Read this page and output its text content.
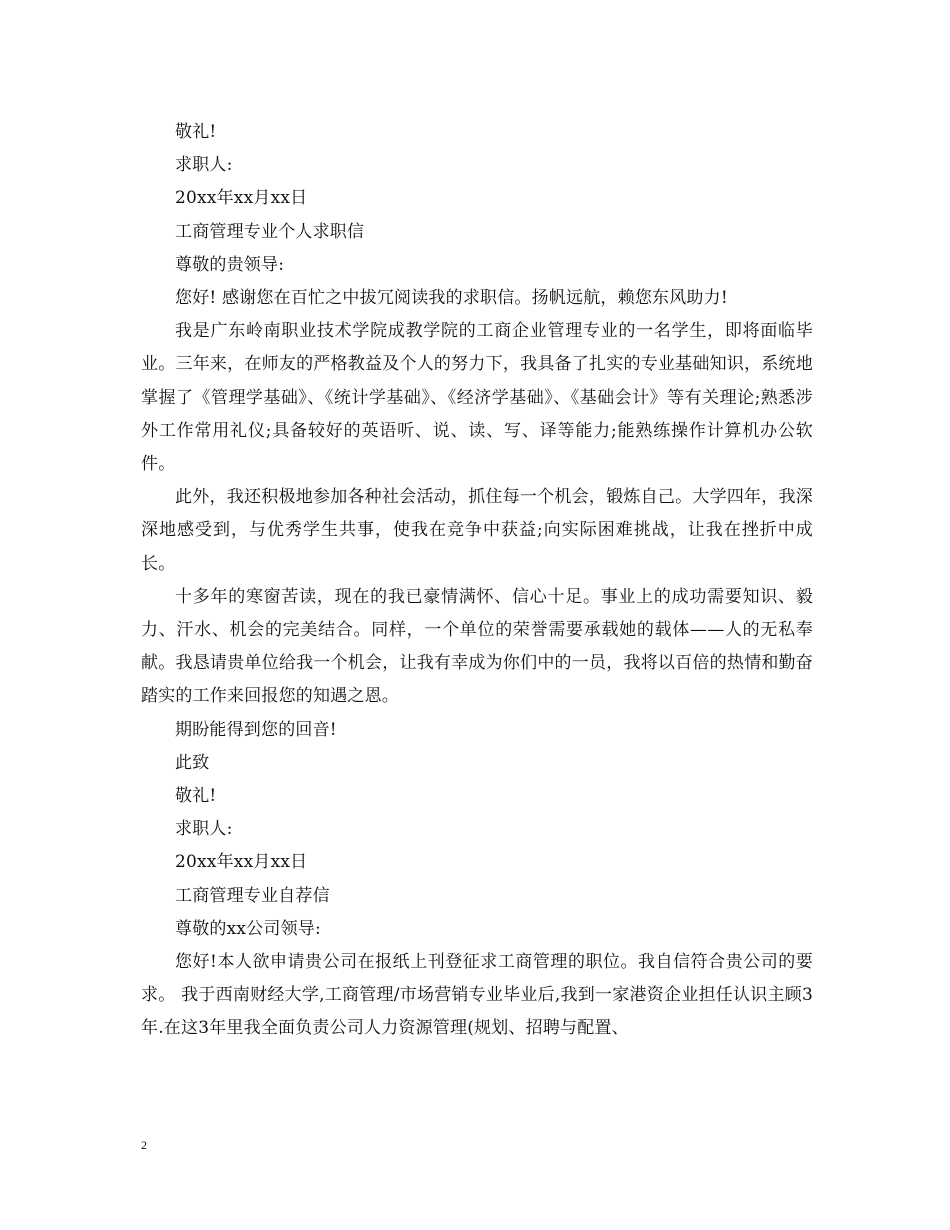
敬礼!

求职人:

20xx年xx月xx日

工商管理专业个人求职信

尊敬的贵领导:

您好! 感谢您在百忙之中拔冗阅读我的求职信。扬帆远航，赖您东风助力!

我是广东岭南职业技术学院成教学院的工商企业管理专业的一名学生，即将面临毕业。三年来，在师友的严格教益及个人的努力下，我具备了扎实的专业基础知识，系统地掌握了《管理学基础》、《统计学基础》、《经济学基础》、《基础会计》等有关理论;熟悉涉外工作常用礼仪;具备较好的英语听、说、读、写、译等能力;能熟练操作计算机办公软件。

此外，我还积极地参加各种社会活动，抓住每一个机会，锻炼自己。大学四年，我深深地感受到，与优秀学生共事，使我在竞争中获益;向实际困难挑战，让我在挫折中成长。

十多年的寒窗苦读，现在的我已豪情满怀、信心十足。事业上的成功需要知识、毅力、汗水、机会的完美结合。同样，一个单位的荣誉需要承载她的载体——人的无私奉献。我恳请贵单位给我一个机会，让我有幸成为你们中的一员，我将以百倍的热情和勤奋踏实的工作来回报您的知遇之恩。

期盼能得到您的回音!

此致

敬礼!

求职人:

20xx年xx月xx日

工商管理专业自荐信

尊敬的xx公司领导:

您好!本人欲申请贵公司在报纸上刊登征求工商管理的职位。我自信符合贵公司的要求。 我于西南财经大学,工商管理/市场营销专业毕业后,我到一家港资企业担任认识主顾3年.在这3年里我全面负责公司人力资源管理(规划、招聘与配置、

2
